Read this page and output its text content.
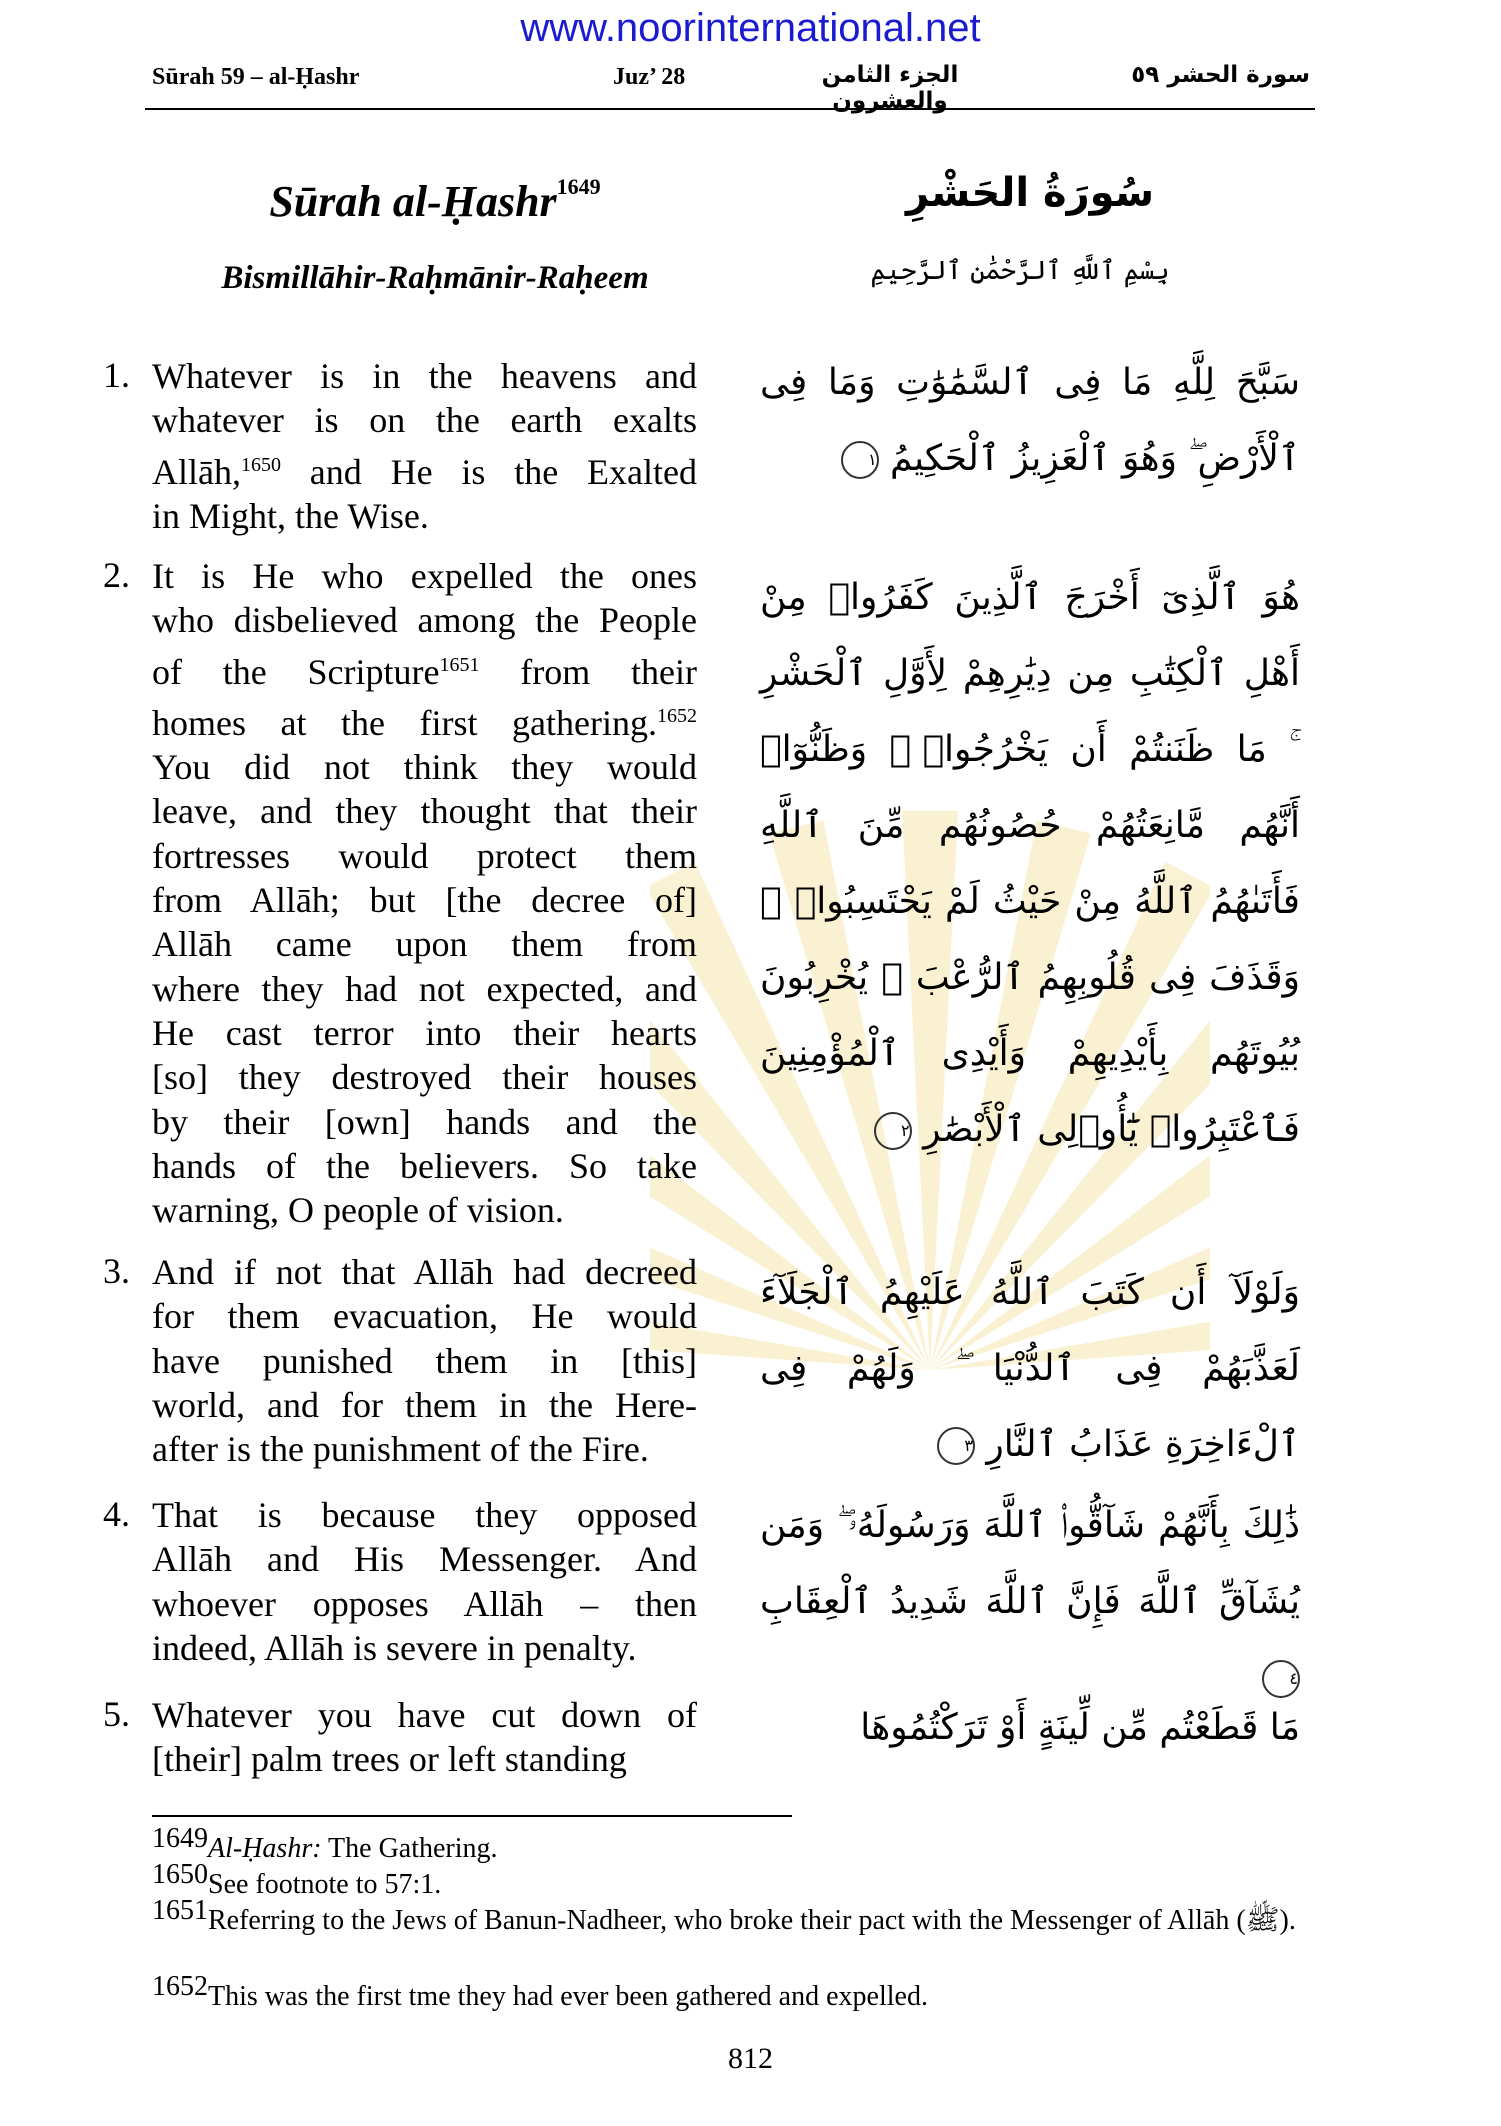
www.noorinternational.net
Sūrah 59 – al-Ḥashr	Juz’ 28	الجزء الثامن والعشرون
سورة الحشر ٥٩
Sūrah al-Ḥashr$^{1649}$
Bismillāhir-Raḥmānir-Raḥeem
سُورَةُ الحَشْرِ
بِسْمِ ٱللَّهِ ٱلرَّحْمَٰنِ ٱلرَّحِيمِ
1. Whatever is in the heavens and
whatever is on the earth exalts
Allāh,$^{1650}$ and He is the Exalted
in Might, the Wise.
سَبَّحَ لِلَّهِ مَا فِى ٱلسَّمَٰوَٰتِ وَمَا فِى ٱلْأَرْضِ ۖ وَهُوَ ٱلْعَزِيزُ ٱلْحَكِيمُ ١
2. It is He who expelled the ones
who disbelieved among the People
of the Scripture$^{1651}$ from their
homes at the first gathering.$^{1652}$
You did not think they would
leave, and they thought that their
fortresses would protect them
from Allāh; but [the decree of]
Allāh came upon them from
where they had not expected, and
He cast terror into their hearts
[so] they destroyed their houses
by their [own] hands and the
hands of the believers. So take
warning, O people of vision.
هُوَ ٱلَّذِىٓ أَخْرَجَ ٱلَّذِينَ كَفَرُوا۟ مِنْ أَهْلِ ٱلْكِتَٰبِ مِن دِيَٰرِهِمْ لِأَوَّلِ ٱلْحَشْرِ ۚ مَا ظَنَنتُمْ أَن يَخْرُجُوا۟ ۖ وَظَنُّوٓا۟ أَنَّهُم مَّانِعَتُهُمْ حُصُونُهُم مِّنَ ٱللَّهِ فَأَتَىٰهُمُ ٱللَّهُ مِنْ حَيْثُ لَمْ يَحْتَسِبُوا۟ ۖ وَقَذَفَ فِى قُلُوبِهِمُ ٱلرُّعْبَ ۚ يُخْرِبُونَ بُيُوتَهُم بِأَيْدِيهِمْ وَأَيْدِى ٱلْمُؤْمِنِينَ فَٱعْتَبِرُوا۟ يَٰٓأُو۟لِى ٱلْأَبْصَٰرِ ٢
3. And if not that Allāh had decreed
for them evacuation, He would
have punished them in [this]
world, and for them in the Here-
after is the punishment of the Fire.
وَلَوْلَآ أَن كَتَبَ ٱللَّهُ عَلَيْهِمُ ٱلْجَلَآءَ لَعَذَّبَهُمْ فِى ٱلدُّنْيَا ۖ وَلَهُمْ فِى ٱلْءَاخِرَةِ عَذَابُ ٱلنَّارِ ٣
4. That is because they opposed
Allāh and His Messenger. And
whoever opposes Allāh – then
indeed, Allāh is severe in penalty.
ذَٰلِكَ بِأَنَّهُمْ شَآقُّوا۟ ٱللَّهَ وَرَسُولَهُۥ ۖ وَمَن يُشَآقِّ ٱللَّهَ فَإِنَّ ٱللَّهَ شَدِيدُ ٱلْعِقَابِ ٤
5. Whatever you have cut down of
[their] palm trees or left standing
مَا قَطَعْتُم مِّن لِّينَةٍ أَوْ تَرَكْتُمُوهَا
1649Al-Ḥashr: The Gathering.
1650See footnote to 57:1.
1651Referring to the Jews of Banun-Nadheer, who broke their pact with the Messenger of Allāh (ﷺ).
1652This was the first tme they had ever been gathered and expelled.
812
